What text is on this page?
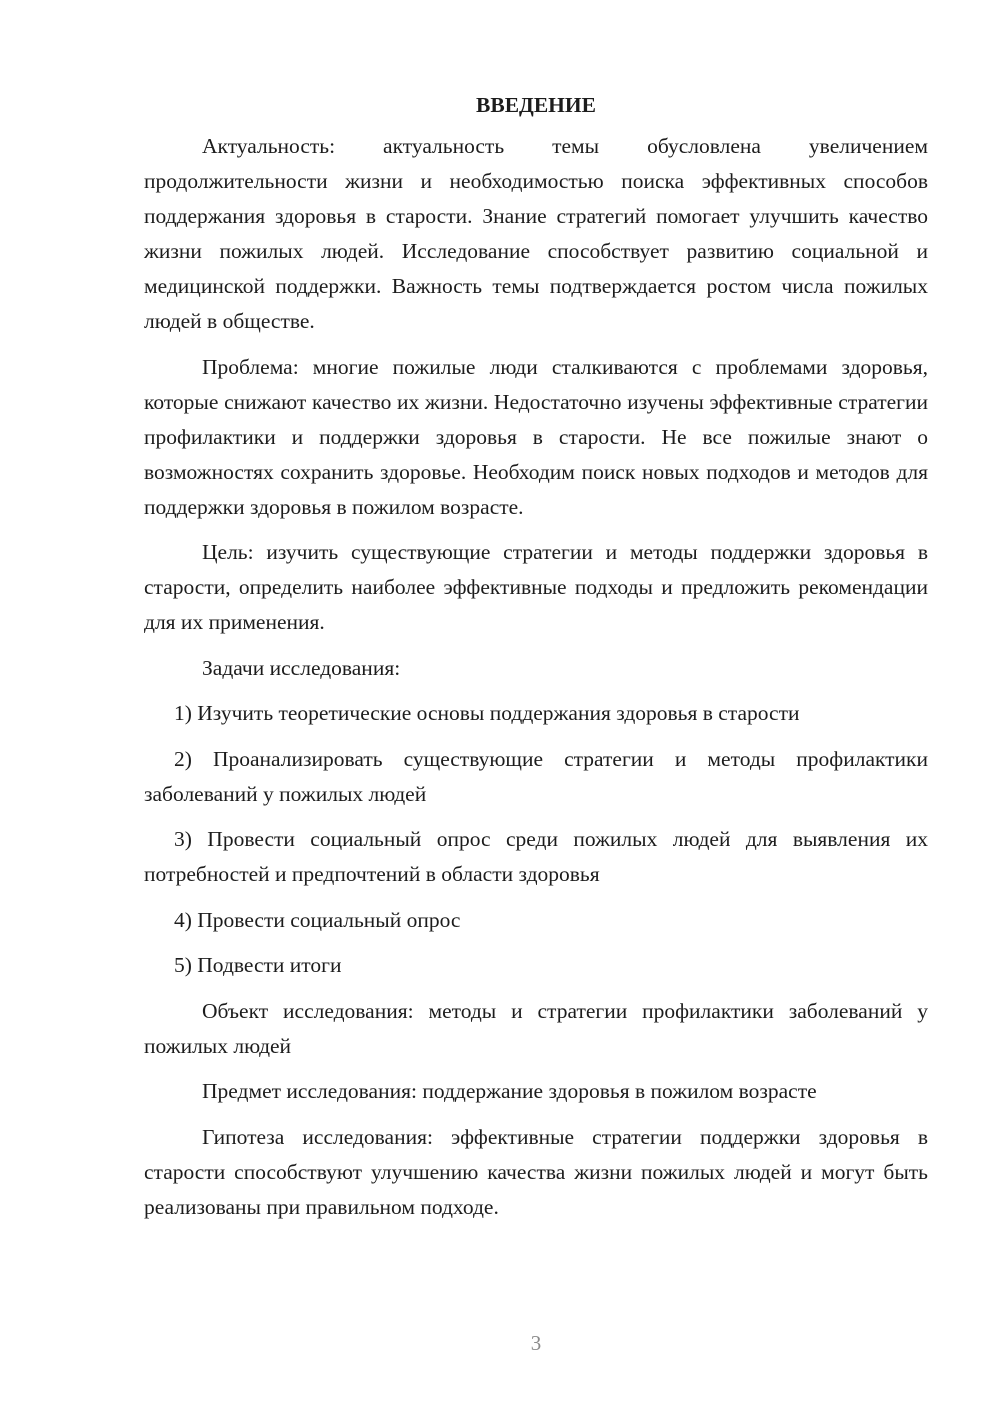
ВВЕДЕНИЕ

Актуальность: актуальность темы обусловлена увеличением продолжительности жизни и необходимостью поиска эффективных способов поддержания здоровья в старости. Знание стратегий помогает улучшить качество жизни пожилых людей. Исследование способствует развитию социальной и медицинской поддержки. Важность темы подтверждается ростом числа пожилых людей в обществе.

Проблема: многие пожилые люди сталкиваются с проблемами здоровья, которые снижают качество их жизни. Недостаточно изучены эффективные стратегии профилактики и поддержки здоровья в старости. Не все пожилые знают о возможностях сохранить здоровье. Необходим поиск новых подходов и методов для поддержки здоровья в пожилом возрасте.

Цель: изучить существующие стратегии и методы поддержки здоровья в старости, определить наиболее эффективные подходы и предложить рекомендации для их применения.

Задачи исследования:

1) Изучить теоретические основы поддержания здоровья в старости

2) Проанализировать существующие стратегии и методы профилактики заболеваний у пожилых людей

3) Провести социальный опрос среди пожилых людей для выявления их потребностей и предпочтений в области здоровья

4) Провести социальный опрос

5) Подвести итоги

Объект исследования: методы и стратегии профилактики заболеваний у пожилых людей

Предмет исследования: поддержание здоровья в пожилом возрасте

Гипотеза исследования: эффективные стратегии поддержки здоровья в старости способствуют улучшению качества жизни пожилых людей и могут быть реализованы при правильном подходе.

3
